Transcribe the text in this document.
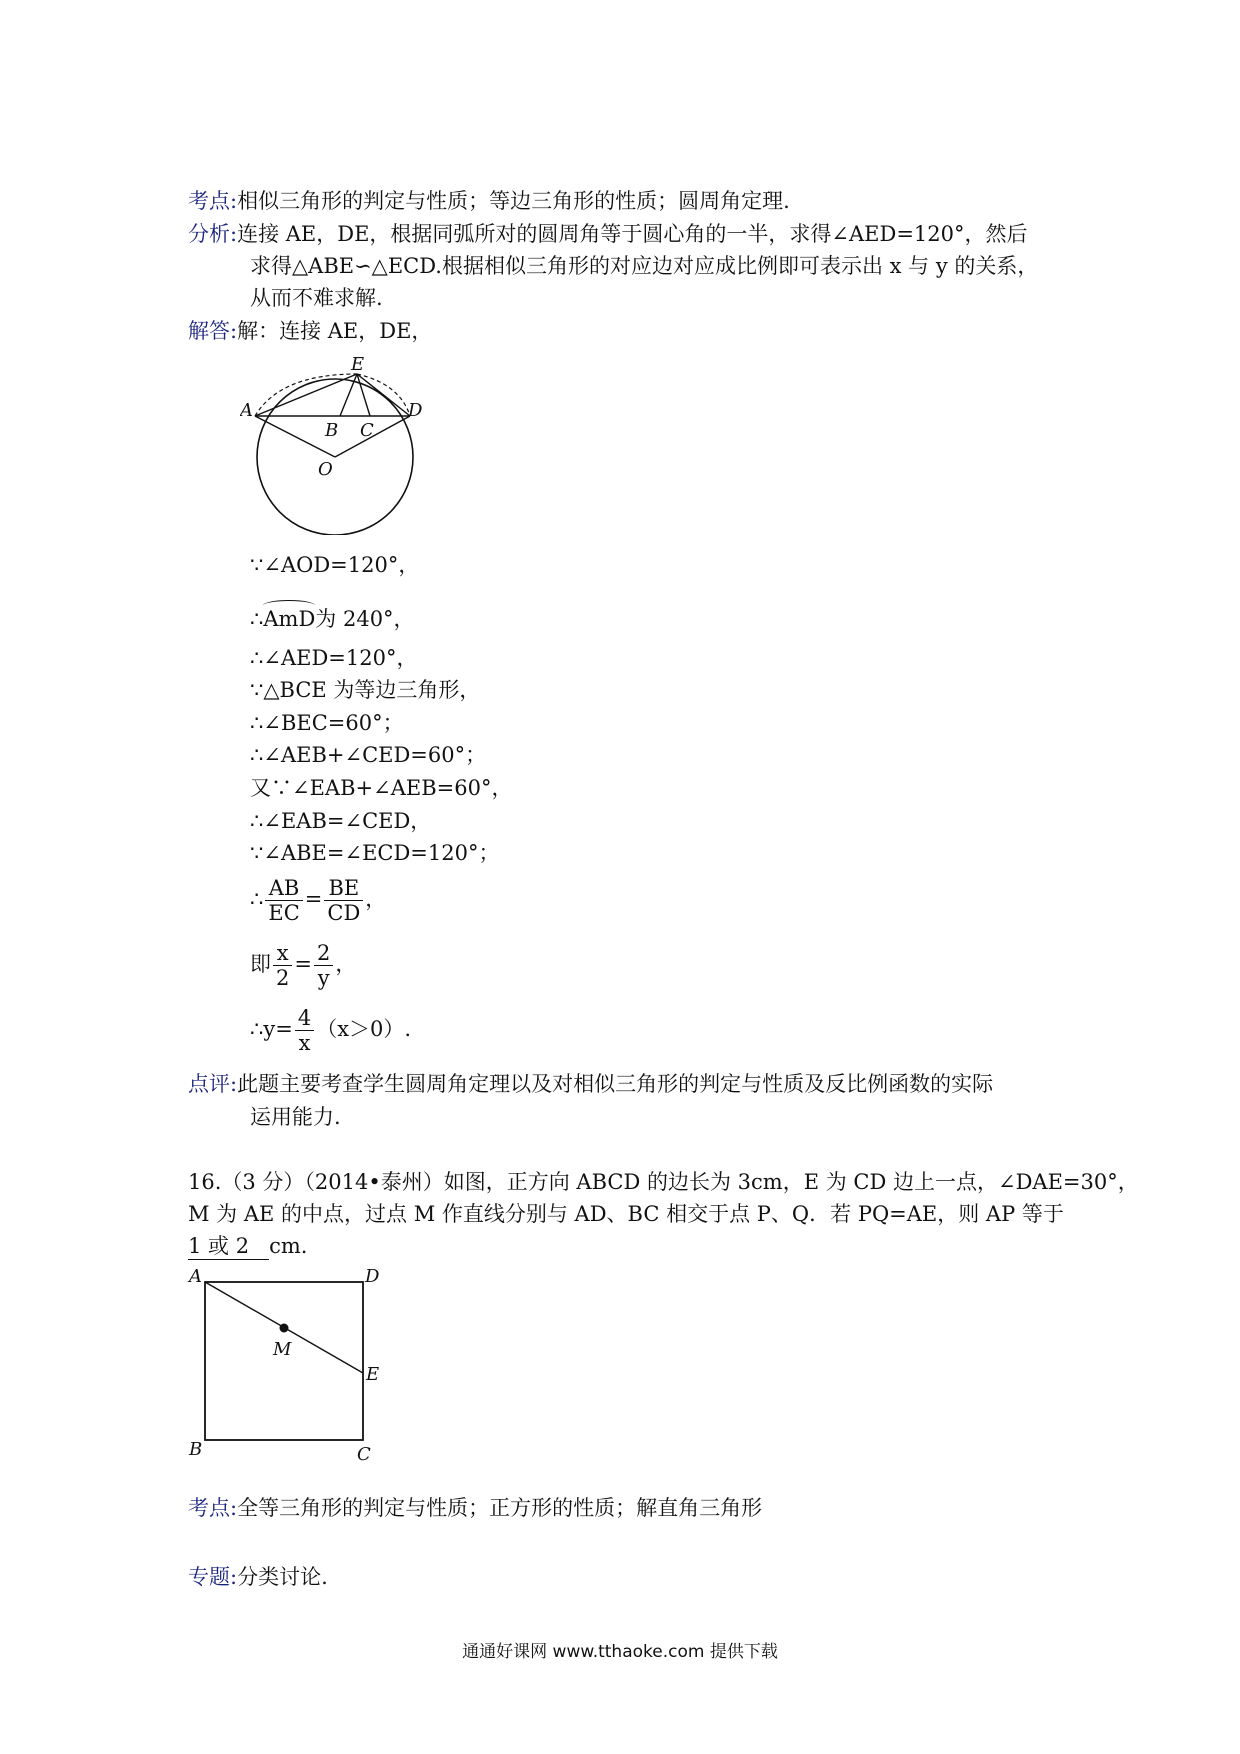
考点:相似三角形的判定与性质；等边三角形的性质；圆周角定理.
分析:连接 AE，DE，根据同弧所对的圆周角等于圆心角的一半，求得∠AED=120°，然后
求得△ABE∽△ECD.根据相似三角形的对应边对应成比例即可表示出 x 与 y 的关系，
从而不难求解.
解答:解：连接 AE，DE，
E
A	D
B C
O
∵∠AOD=120°，
∴AmD为 240°，
∴∠AED=120°，
∵△BCE 为等边三角形，
∴∠BEC=60°；
∴∠AEB+∠CED=60°；
又∵∠EAB+∠AEB=60°，
∴∠EAB=∠CED，
∵∠ABE=∠ECD=120°；
∴ $\frac{AB}{EC} = \frac{BE}{CD}$ ，
即 $\frac{x}{2} = \frac{2}{y}$ ，
∴y= $\frac{4}{x} (x>0)$.
点评:此题主要考查学生圆周角定理以及对相似三角形的判定与性质及反比例函数的实际
运用能力.
16.（3 分）（2014•泰州）如图，正方向 ABCD 的边长为 3cm，E 为 CD 边上一点，∠DAE=30°，
M 为 AE 的中点，过点 M 作直线分别与 AD、BC 相交于点 P、Q．若 PQ=AE，则 AP 等于
1 或 2 cm.
A	D
M
E
B	C
考点:全等三角形的判定与性质；正方形的性质；解直角三角形
专题:分类讨论.
通通好课网 www.tthaoke.com 提供下载
